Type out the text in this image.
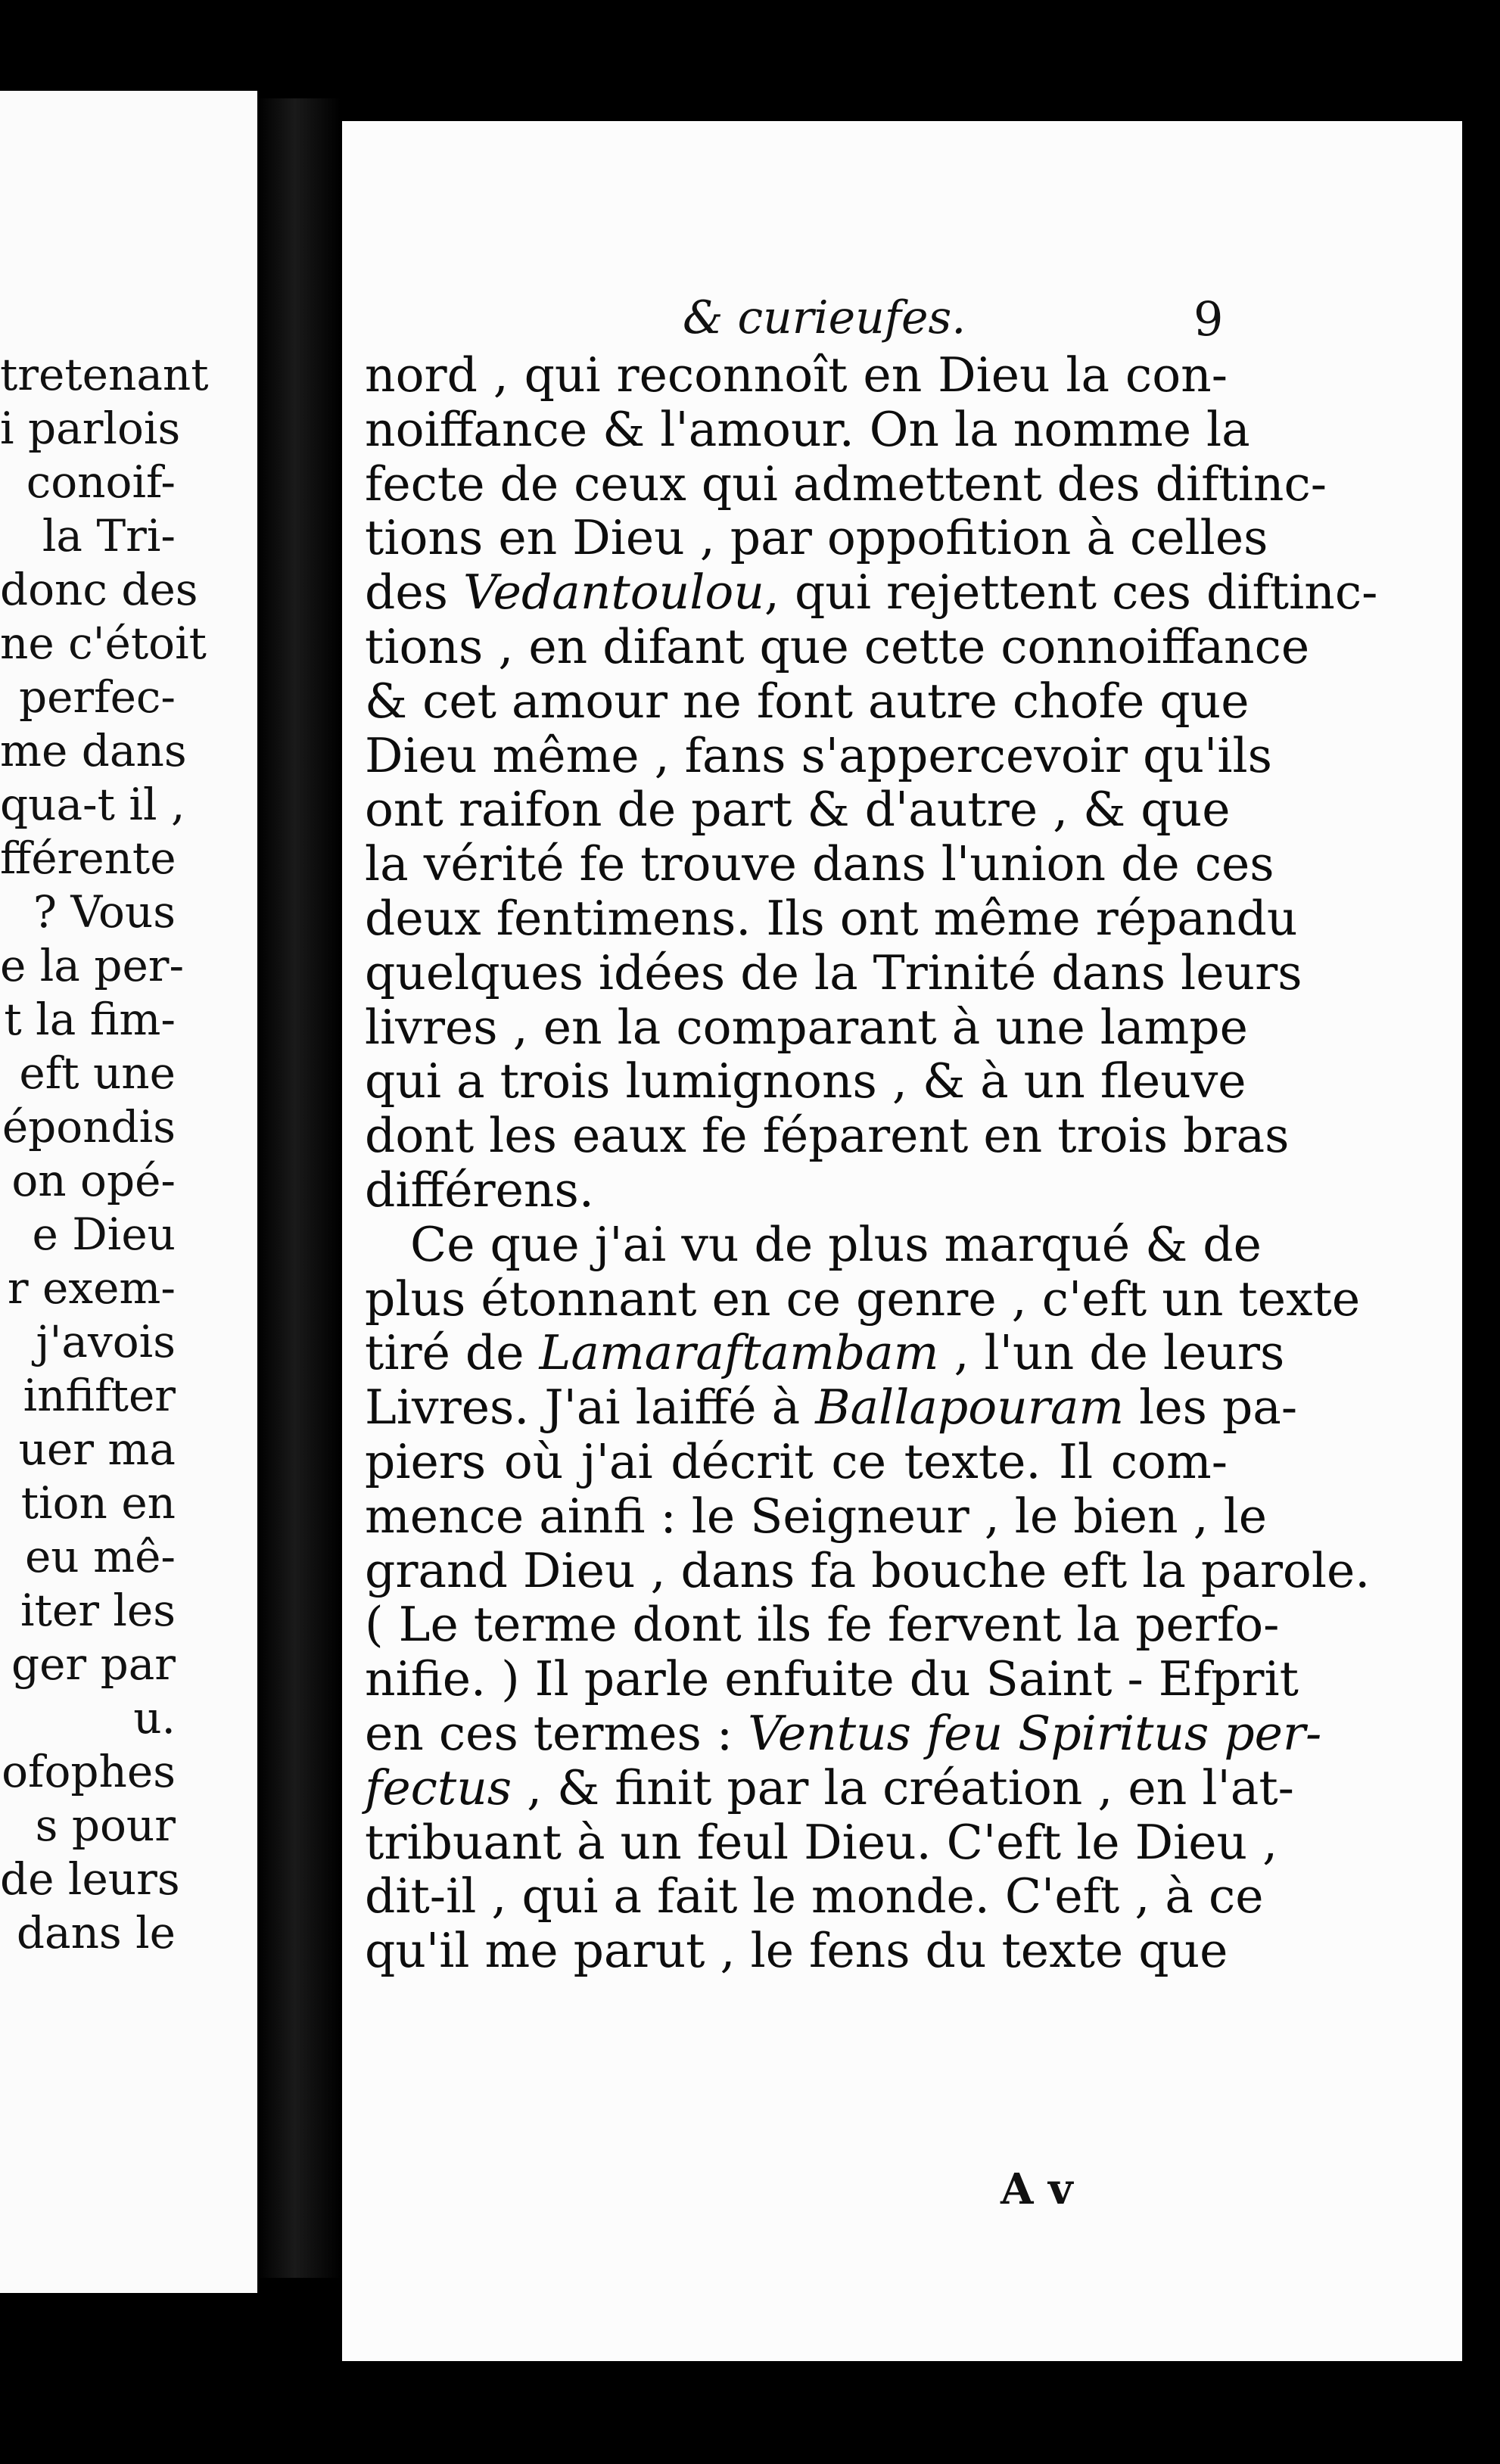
tretenant
i parlois
conoif-
la Tri-
donc des
ne c'étoit
perfec-
me dans
qua-t il ,
fférente
? Vous
e la per-
t la fim-
eft une
épondis
on opé-
e Dieu
r exem-
j'avois
infifter
uer ma
tion en
eu mê-
iter les
ger par
u.
ofophes
s pour
de leurs
dans le
& curieufes.	9
nord , qui reconnoît en Dieu la con-
noiffance & l'amour. On la nomme la
fecte de ceux qui admettent des diftinc-
tions en Dieu , par oppofition à celles
des Vedantoulou, qui rejettent ces diftinc-
tions , en difant que cette connoiffance
& cet amour ne font autre chofe que
Dieu même , fans s'appercevoir qu'ils
ont raifon de part & d'autre , & que
la vérité fe trouve dans l'union de ces
deux fentimens. Ils ont même répandu
quelques idées de la Trinité dans leurs
livres , en la comparant à une lampe
qui a trois lumignons , & à un fleuve
dont les eaux fe féparent en trois bras
différens.
Ce que j'ai vu de plus marqué & de
plus étonnant en ce genre , c'eft un texte
tiré de Lamaraftambam , l'un de leurs
Livres. J'ai laiffé à Ballapouram les pa-
piers où j'ai décrit ce texte. Il com-
mence ainfi : le Seigneur , le bien , le
grand Dieu , dans fa bouche eft la parole.
( Le terme dont ils fe fervent la perfo-
nifie. ) Il parle enfuite du Saint - Efprit
en ces termes : Ventus feu Spiritus per-
fectus , & finit par la création , en l'at-
tribuant à un feul Dieu. C'eft le Dieu ,
dit-il , qui a fait le monde. C'eft , à ce
qu'il me parut , le fens du texte que
A v
